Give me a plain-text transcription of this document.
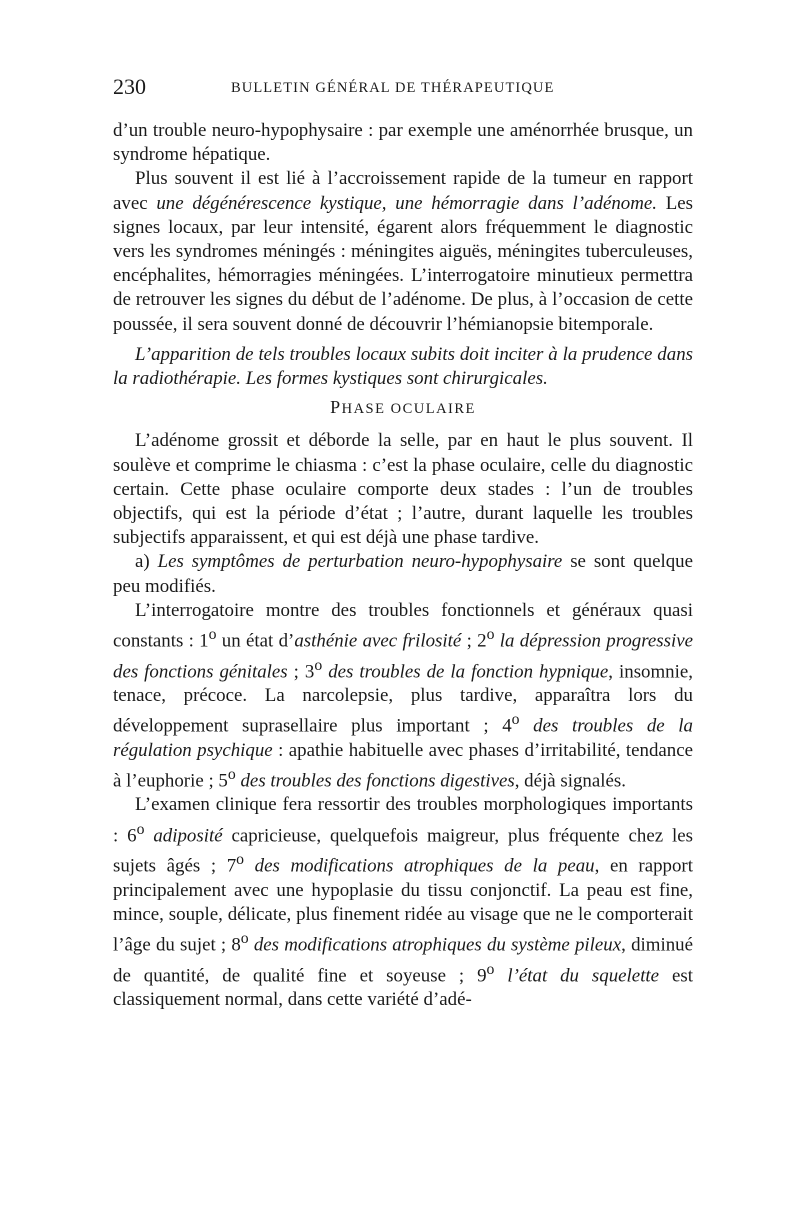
230	BULLETIN GÉNÉRAL DE THÉRAPEUTIQUE

d’un trouble neuro-hypophysaire : par exemple une aménorrhée brusque, un syndrome hépatique.

Plus souvent il est lié à l’accroissement rapide de la tumeur en rapport avec une dégénérescence kystique, une hémorragie dans l’adénome. Les signes locaux, par leur intensité, égarent alors fréquemment le diagnostic vers les syndromes méningés : méningites aiguës, méningites tuberculeuses, encéphalites, hémorragies méningées. L’interrogatoire minutieux permettra de retrouver les signes du début de l’adénome. De plus, à l’occasion de cette poussée, il sera souvent donné de découvrir l’hémianopsie bitemporale.

L’apparition de tels troubles locaux subits doit inciter à la prudence dans la radiothérapie. Les formes kystiques sont chirurgicales.

PHASE OCULAIRE

L’adénome grossit et déborde la selle, par en haut le plus souvent. Il soulève et comprime le chiasma : c’est la phase oculaire, celle du diagnostic certain. Cette phase oculaire comporte deux stades : l’un de troubles objectifs, qui est la période d’état ; l’autre, durant laquelle les troubles subjectifs apparaissent, et qui est déjà une phase tardive.

a) Les symptômes de perturbation neuro-hypophysaire se sont quelque peu modifiés.

L’interrogatoire montre des troubles fonctionnels et généraux quasi constants : 1$^o$ un état d’asthénie avec frilosité ; 2$^o$ la dépression progressive des fonctions génitales ; 3$^o$ des troubles de la fonction hypnique, insomnie, tenace, précoce. La narcolepsie, plus tardive, apparaîtra lors du développement suprasellaire plus important ; 4$^o$ des troubles de la régulation psychique : apathie habituelle avec phases d’irritabilité, tendance à l’euphorie ; 5$^o$ des troubles des fonctions digestives, déjà signalés.

L’examen clinique fera ressortir des troubles morphologiques importants : 6$^o$ adiposité capricieuse, quelquefois maigreur, plus fréquente chez les sujets âgés ; 7$^o$ des modifications atrophiques de la peau, en rapport principalement avec une hypoplasie du tissu conjonctif. La peau est fine, mince, souple, délicate, plus finement ridée au visage que ne le comporterait l’âge du sujet ; 8$^o$ des modifications atrophiques du système pileux, diminué de quantité, de qualité fine et soyeuse ; 9$^o$ l’état du squelette est classiquement normal, dans cette variété d’adé-
